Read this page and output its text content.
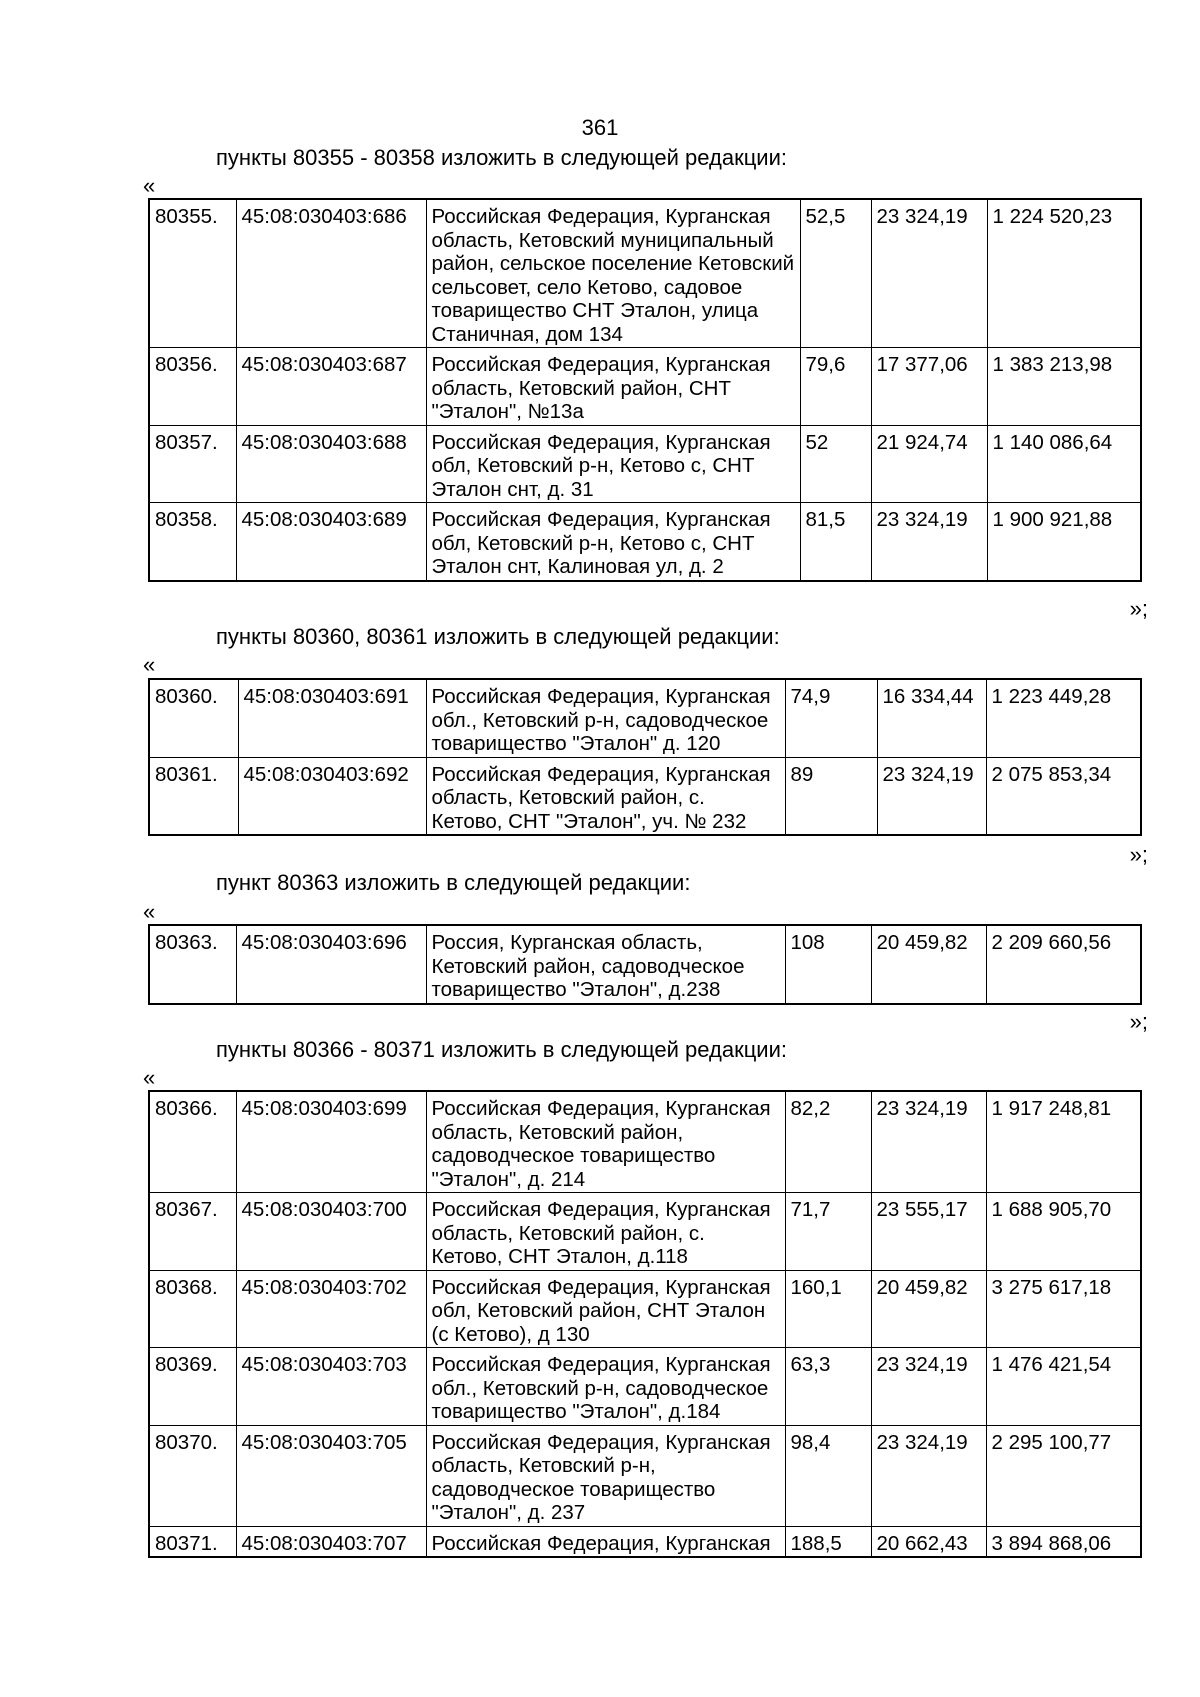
361
пункты 80355 - 80358 изложить в следующей редакции:
«
80355.	45:08:030403:686	Российская Федерация, Курганская область, Кетовский муниципальный район, сельское поселение Кетовский сельсовет, село Кетово, садовое товарищество СНТ Эталон, улица Станичная, дом 134	52,5	23 324,19	1 224 520,23
80356.	45:08:030403:687	Российская Федерация, Курганская область, Кетовский район, СНТ "Эталон", №13а	79,6	17 377,06	1 383 213,98
80357.	45:08:030403:688	Российская Федерация, Курганская обл, Кетовский р-н, Кетово с, СНТ Эталон снт, д. 31	52	21 924,74	1 140 086,64
80358.	45:08:030403:689	Российская Федерация, Курганская обл, Кетовский р-н, Кетово с, СНТ Эталон снт, Калиновая ул, д. 2	81,5	23 324,19	1 900 921,88
»;
пункты 80360, 80361 изложить в следующей редакции:
«
80360.	45:08:030403:691	Российская Федерация, Курганская обл., Кетовский р-н, садоводческое товарищество "Эталон" д. 120	74,9	16 334,44	1 223 449,28
80361.	45:08:030403:692	Российская Федерация, Курганская область, Кетовский район, с. Кетово, СНТ "Эталон", уч. № 232	89	23 324,19	2 075 853,34
»;
пункт 80363 изложить в следующей редакции:
«
80363.	45:08:030403:696	Россия, Курганская область, Кетовский район, садоводческое товарищество "Эталон", д.238	108	20 459,82	2 209 660,56
»;
пункты 80366 - 80371 изложить в следующей редакции:
«
80366.	45:08:030403:699	Российская Федерация, Курганская область, Кетовский район, садоводческое товарищество "Эталон", д. 214	82,2	23 324,19	1 917 248,81
80367.	45:08:030403:700	Российская Федерация, Курганская область, Кетовский район, с. Кетово, СНТ Эталон, д.118	71,7	23 555,17	1 688 905,70
80368.	45:08:030403:702	Российская Федерация, Курганская обл, Кетовский район, СНТ Эталон (с Кетово), д 130	160,1	20 459,82	3 275 617,18
80369.	45:08:030403:703	Российская Федерация, Курганская обл., Кетовский р-н, садоводческое товарищество "Эталон", д.184	63,3	23 324,19	1 476 421,54
80370.	45:08:030403:705	Российская Федерация, Курганская область, Кетовский р-н, садоводческое товарищество "Эталон", д. 237	98,4	23 324,19	2 295 100,77
80371.	45:08:030403:707	Российская Федерация, Курганская	188,5	20 662,43	3 894 868,06
